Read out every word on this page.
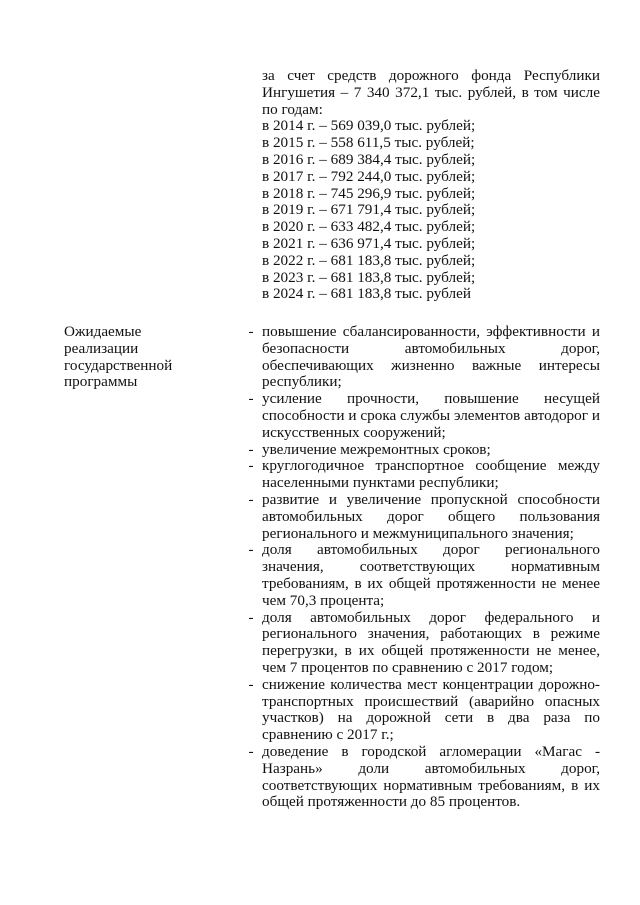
за счет средств дорожного фонда Республики
Ингушетия – 7 340 372,1 тыс. рублей, в том числе
по годам:
в 2014 г. – 569 039,0 тыс. рублей;
в 2015 г. – 558 611,5 тыс. рублей;
в 2016 г. – 689 384,4 тыс. рублей;
в 2017 г. – 792 244,0 тыс. рублей;
в 2018 г. – 745 296,9 тыс. рублей;
в 2019 г. – 671 791,4 тыс. рублей;
в 2020 г. – 633 482,4 тыс. рублей;
в 2021 г. – 636 971,4 тыс. рублей;
в 2022 г. – 681 183,8 тыс. рублей;
в 2023 г. – 681 183,8 тыс. рублей;
в 2024 г. – 681 183,8 тыс. рублей
Ожидаемые
реализации
государственной
программы
- повышение сбалансированности, эффективности и
безопасности автомобильных дорог,
обеспечивающих жизненно важные интересы
республики;
- усиление прочности, повышение несущей
способности и срока службы элементов автодорог и
искусственных сооружений;
- увеличение межремонтных сроков;
- круглогодичное транспортное сообщение между
населенными пунктами республики;
- развитие и увеличение пропускной способности
автомобильных дорог общего пользования
регионального и межмуниципального значения;
- доля автомобильных дорог регионального
значения, соответствующих нормативным
требованиям, в их общей протяженности не менее
чем 70,3 процента;
- доля автомобильных дорог федерального и
регионального значения, работающих в режиме
перегрузки, в их общей протяженности не менее,
чем 7 процентов по сравнению с 2017 годом;
- снижение количества мест концентрации дорожно-
транспортных происшествий (аварийно опасных
участков) на дорожной сети в два раза по
сравнению с 2017 г.;
- доведение в городской агломерации «Магас -
Назрань» доли автомобильных дорог,
соответствующих нормативным требованиям, в их
общей протяженности до 85 процентов.
